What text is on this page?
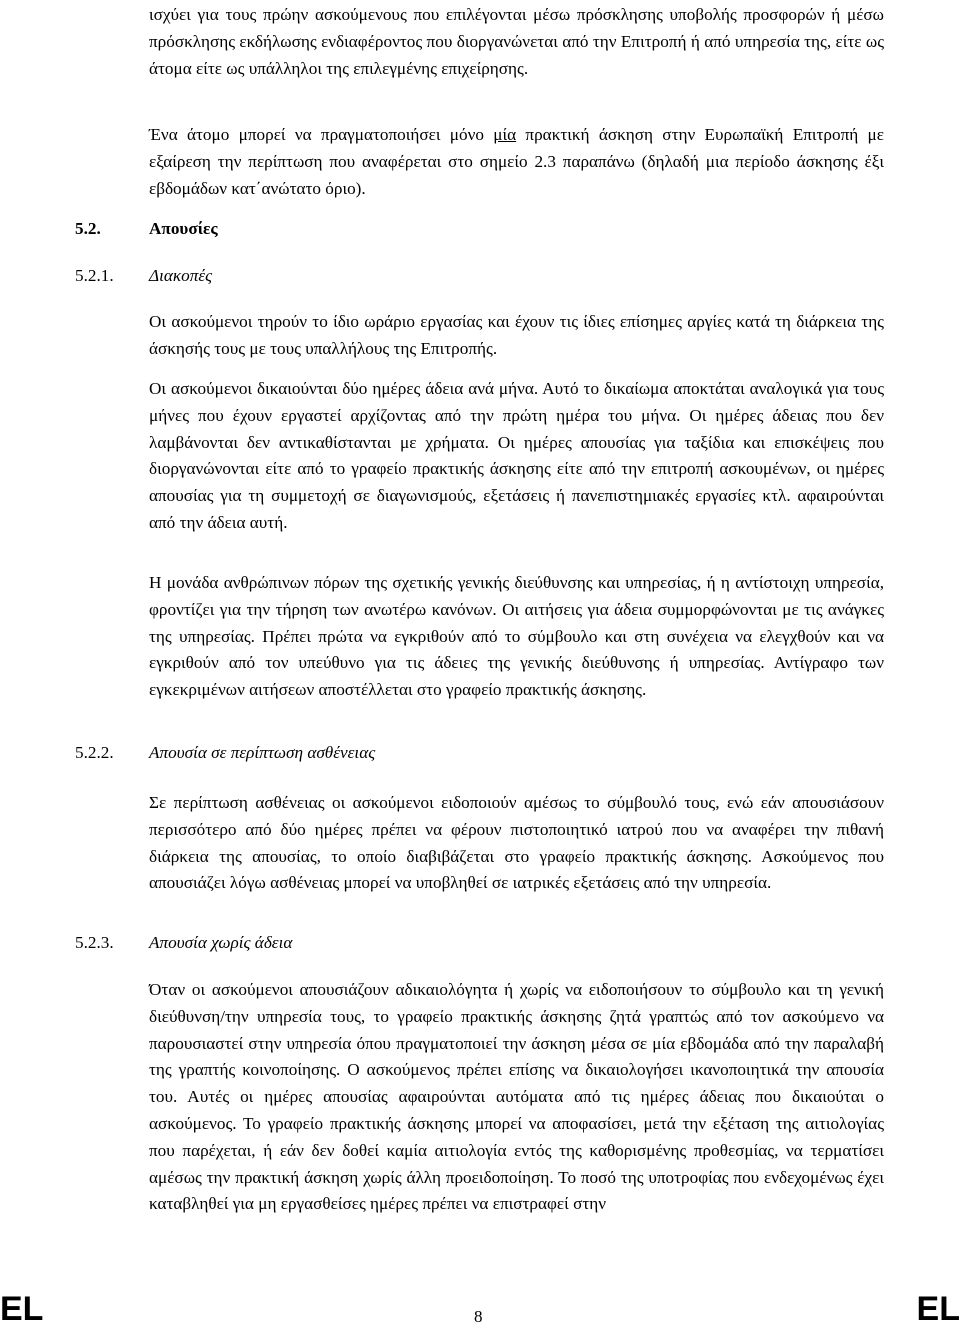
ισχύει για τους πρώην ασκούμενους που επιλέγονται μέσω πρόσκλησης υποβολής προσφορών ή μέσω πρόσκλησης εκδήλωσης ενδιαφέροντος που διοργανώνεται από την Επιτροπή ή από υπηρεσία της, είτε ως άτομα είτε ως υπάλληλοι της επιλεγμένης επιχείρησης.

Ένα άτομο μπορεί να πραγματοποιήσει μόνο μία πρακτική άσκηση στην Ευρωπαϊκή Επιτροπή με εξαίρεση την περίπτωση που αναφέρεται στο σημείο 2.3 παραπάνω (δηλαδή μια περίοδο άσκησης έξι εβδομάδων κατ΄ανώτατο όριο).

5.2.	Απουσίες

5.2.1. Διακοπές

Οι ασκούμενοι τηρούν το ίδιο ωράριο εργασίας και έχουν τις ίδιες επίσημες αργίες κατά τη διάρκεια της άσκησής τους με τους υπαλλήλους της Επιτροπής.

Οι ασκούμενοι δικαιούνται δύο ημέρες άδεια ανά μήνα. Αυτό το δικαίωμα αποκτάται αναλογικά για τους μήνες που έχουν εργαστεί αρχίζοντας από την πρώτη ημέρα του μήνα. Οι ημέρες άδειας που δεν λαμβάνονται δεν αντικαθίστανται με χρήματα. Οι ημέρες απουσίας για ταξίδια και επισκέψεις που διοργανώνονται είτε από το γραφείο πρακτικής άσκησης είτε από την επιτροπή ασκουμένων, οι ημέρες απουσίας για τη συμμετοχή σε διαγωνισμούς, εξετάσεις ή πανεπιστημιακές εργασίες κτλ. αφαιρούνται από την άδεια αυτή.

Η μονάδα ανθρώπινων πόρων της σχετικής γενικής διεύθυνσης και υπηρεσίας, ή η αντίστοιχη υπηρεσία, φροντίζει για την τήρηση των ανωτέρω κανόνων. Οι αιτήσεις για άδεια συμμορφώνονται με τις ανάγκες της υπηρεσίας. Πρέπει πρώτα να εγκριθούν από το σύμβουλο και στη συνέχεια να ελεγχθούν και να εγκριθούν από τον υπεύθυνο για τις άδειες της γενικής διεύθυνσης ή υπηρεσίας. Αντίγραφο των εγκεκριμένων αιτήσεων αποστέλλεται στο γραφείο πρακτικής άσκησης.

5.2.2. Απουσία σε περίπτωση ασθένειας

Σε περίπτωση ασθένειας οι ασκούμενοι ειδοποιούν αμέσως το σύμβουλό τους, ενώ εάν απουσιάσουν περισσότερο από δύο ημέρες πρέπει να φέρουν πιστοποιητικό ιατρού που να αναφέρει την πιθανή διάρκεια της απουσίας, το οποίο διαβιβάζεται στο γραφείο πρακτικής άσκησης. Ασκούμενος που απουσιάζει λόγω ασθένειας μπορεί να υποβληθεί σε ιατρικές εξετάσεις από την υπηρεσία.

5.2.3. Απουσία χωρίς άδεια

Όταν οι ασκούμενοι απουσιάζουν αδικαιολόγητα ή χωρίς να ειδοποιήσουν το σύμβουλο και τη γενική διεύθυνση/την υπηρεσία τους, το γραφείο πρακτικής άσκησης ζητά γραπτώς από τον ασκούμενο να παρουσιαστεί στην υπηρεσία όπου πραγματοποιεί την άσκηση μέσα σε μία εβδομάδα από την παραλαβή της γραπτής κοινοποίησης. Ο ασκούμενος πρέπει επίσης να δικαιολογήσει ικανοποιητικά την απουσία του. Αυτές οι ημέρες απουσίας αφαιρούνται αυτόματα από τις ημέρες άδειας που δικαιούται ο ασκούμενος. Το γραφείο πρακτικής άσκησης μπορεί να αποφασίσει, μετά την εξέταση της αιτιολογίας που παρέχεται, ή εάν δεν δοθεί καμία αιτιολογία εντός της καθορισμένης προθεσμίας, να τερματίσει αμέσως την πρακτική άσκηση χωρίς άλλη προειδοποίηση. Το ποσό της υποτροφίας που ενδεχομένως έχει καταβληθεί για μη εργασθείσες ημέρες πρέπει να επιστραφεί στην

EL	8	EL
